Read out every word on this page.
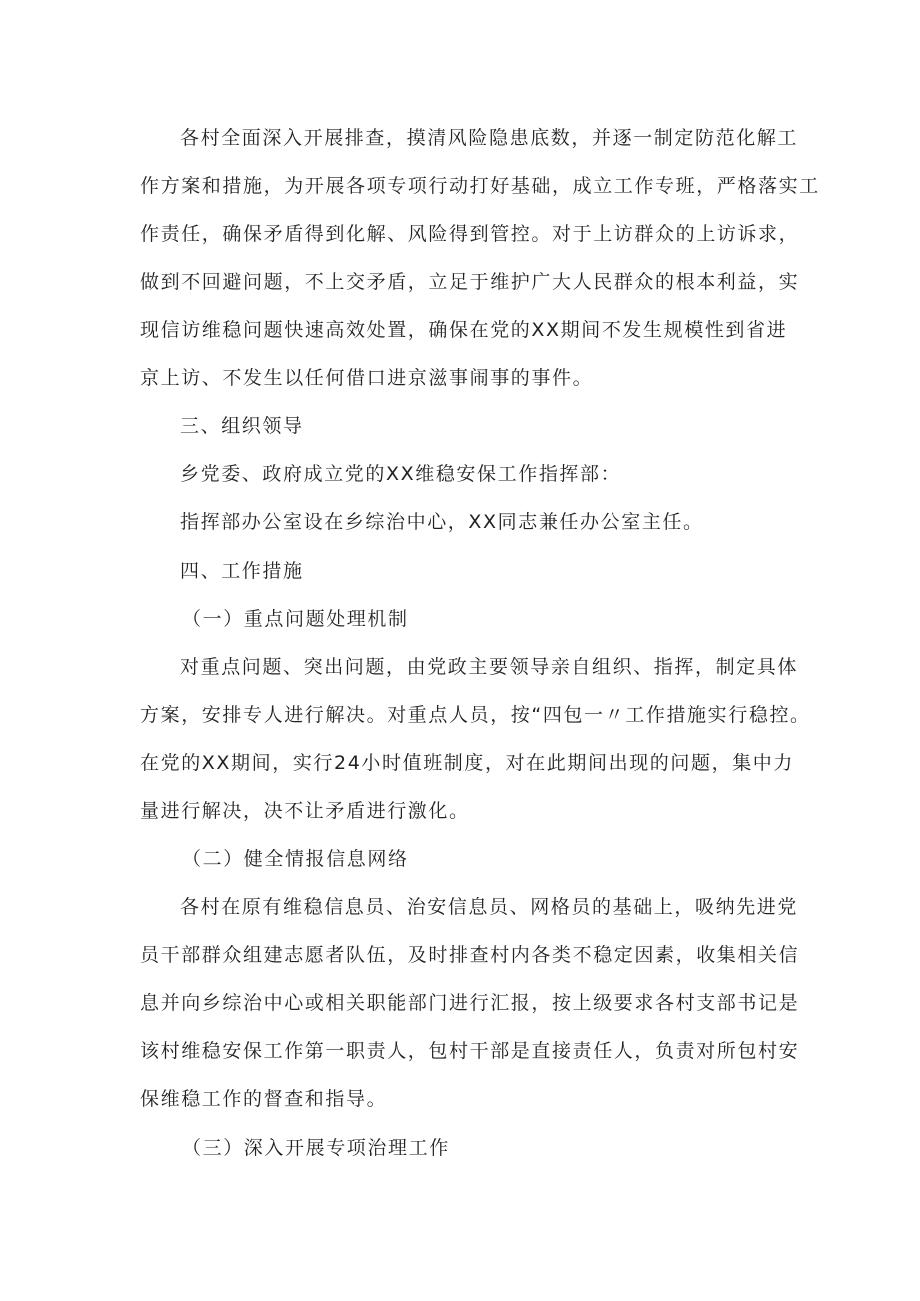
各村全面深入开展排查，摸清风险隐患底数，并逐一制定防范化解工
作方案和措施，为开展各项专项行动打好基础，成立工作专班，严格落实工
作责任，确保矛盾得到化解、风险得到管控。对于上访群众的上访诉求，
做到不回避问题，不上交矛盾，立足于维护广大人民群众的根本利益，实
现信访维稳问题快速高效处置，确保在党的XX期间不发生规模性到省进
京上访、不发生以任何借口进京滋事闹事的事件。
三、组织领导
乡党委、政府成立党的XX维稳安保工作指挥部：
指挥部办公室设在乡综治中心，XX同志兼任办公室主任。
四、工作措施
（一）重点问题处理机制
对重点问题、突出问题，由党政主要领导亲自组织、指挥，制定具体
方案，安排专人进行解决。对重点人员，按“四包一〃工作措施实行稳控。
在党的XX期间，实行24小时值班制度，对在此期间出现的问题，集中力
量进行解决，决不让矛盾进行激化。
（二）健全情报信息网络
各村在原有维稳信息员、治安信息员、网格员的基础上，吸纳先进党
员干部群众组建志愿者队伍，及时排查村内各类不稳定因素，收集相关信
息并向乡综治中心或相关职能部门进行汇报，按上级要求各村支部书记是
该村维稳安保工作第一职责人，包村干部是直接责任人，负责对所包村安
保维稳工作的督查和指导。
（三）深入开展专项治理工作
